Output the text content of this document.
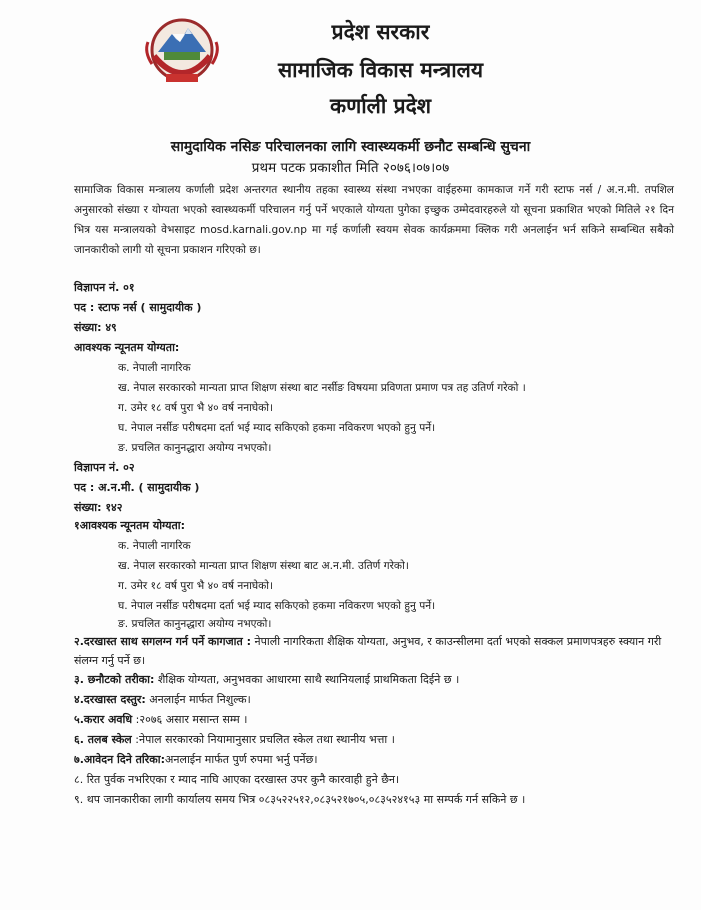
प्रदेश सरकार
सामाजिक विकास मन्त्रालय
कर्णाली प्रदेश
सामुदायिक नसिङ परिचालनका लागि स्वास्थ्यकर्मी छनौट सम्बन्धि सुचना
प्रथम पटक प्रकाशीत मिति २०७६।०७।०७
सामाजिक विकास मन्त्रालय कर्णाली प्रदेश अन्तरगत स्थानीय तहका स्वास्थ्य संस्था नभएका वाईहरुमा कामकाज गर्ने गरी स्टाफ नर्स / अ.न.मी. तपशिल अनुसारको संख्या र योग्यता भएको स्वास्थ्यकर्मी परिचालन गर्नु पर्ने भएकाले योग्यता पुगेका इच्छुक उम्मेदवारहरुले यो सूचना प्रकाशित भएको मितिले २१ दिन भित्र यस मन्त्रालयको वेभसाइट mosd.karnali.gov.np मा गई कर्णाली स्वयम सेवक कार्यक्रममा क्लिक गरी अनलाईन भर्न सकिने सम्बन्धित सबैको जानकारीको लागी यो सूचना प्रकाशन गरिएको छ।
विज्ञापन नं. ०१
पद : स्टाफ नर्स ( सामुदायीक )
संख्या: ४९
आवश्यक न्यूनतम योग्यता:
क. नेपाली नागरिक
ख. नेपाल सरकारको मान्यता प्राप्त शिक्षण संस्था बाट नर्सीङ विषयमा प्रविणता प्रमाण पत्र तह उतिर्ण गरेको ।
ग. उमेर १८ वर्ष पुरा भै ४० वर्ष ननाघेको।
घ. नेपाल नर्सीङ परीषदमा दर्ता भई म्याद सकिएको हकमा नविकरण भएको हुनु पर्ने।
ङ. प्रचलित कानुनद्धारा अयोग्य नभएको।
विज्ञापन नं. ०२
पद : अ.न.मी. ( सामुदायीक )
संख्या: १४२
१आवश्यक न्यूनतम योग्यता:
क. नेपाली नागरिक
ख. नेपाल सरकारको मान्यता प्राप्त शिक्षण संस्था बाट अ.न.मी. उतिर्ण गरेको।
ग. उमेर १८ वर्ष पुरा भै ४० वर्ष ननाघेको।
घ. नेपाल नर्सीङ परीषदमा दर्ता भई म्याद सकिएको हकमा नविकरण भएको हुनु पर्ने।
ङ. प्रचलित कानुनद्धारा अयोग्य नभएको।
२.दरखास्त साथ सगलग्न गर्न पर्ने कागजात : नेपाली नागरिकता शैक्षिक योग्यता, अनुभव, र काउन्सीलमा दर्ता भएको सक्कल प्रमाणपत्रहरु स्क्यान गरी संलग्न गर्नु पर्ने छ।
३. छनौटको तरीका: शैक्षिक योग्यता, अनुभवका आधारमा साथै स्थानियलाई प्राथमिकता दिईने छ ।
४.दरखास्त दस्तुर: अनलाईन मार्फत निशुल्क।
५.करार अवधि :२०७६ असार मसान्त सम्म ।
६. तलब स्केल :नेपाल सरकारको नियामानुसार प्रचलित स्केल तथा स्थानीय भत्ता ।
७.आवेदन दिने तरिका:अनलाईन मार्फत पुर्ण रुपमा भर्नु पर्नेछ।
८. रित पुर्वक नभरिएका र म्याद नाघि आएका दरखास्त उपर कुनै कारवाही हुने छैन।
९. थप जानकारीका लागी कार्यालय समय भित्र ०८३५२२५१२,०८३५२१७०५,०८३५२४१५३ मा सम्पर्क गर्न सकिने छ ।
